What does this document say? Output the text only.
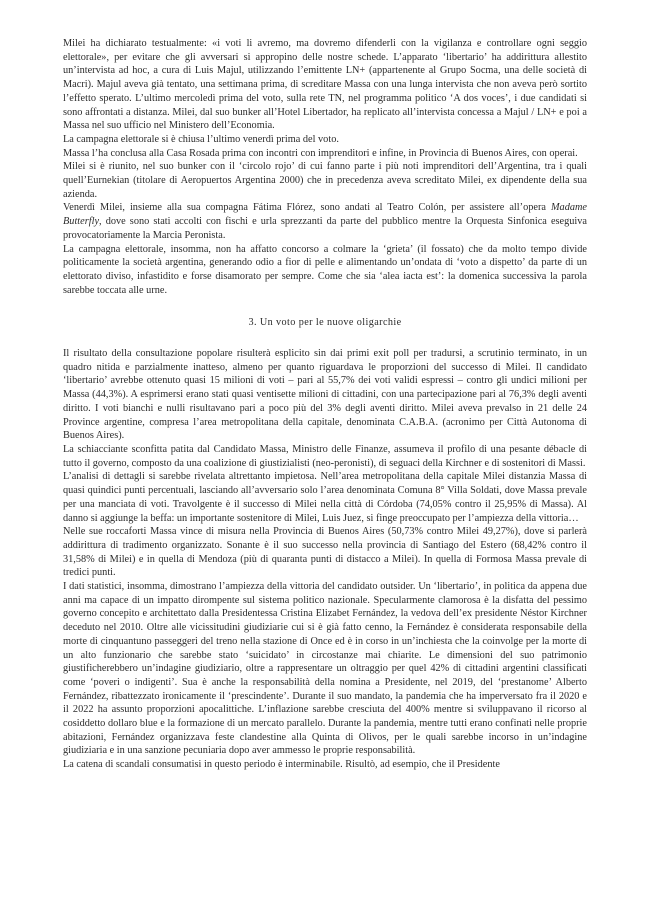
Milei ha dichiarato testualmente: «i voti li avremo, ma dovremo difenderli con la vigilanza e controllare ogni seggio elettorale», per evitare che gli avversari si appropino delle nostre schede. L’apparato ‘libertario’ ha addirittura allestito un’intervista ad hoc, a cura di Luis Majul, utilizzando l’emittente LN+ (appartenente al Grupo Socma, una delle società di Macri). Majul aveva già tentato, una settimana prima, di screditare Massa con una lunga intervista che non aveva però sortito l’effetto sperato. L’ultimo mercoledì prima del voto, sulla rete TN, nel programma politico ‘A dos voces’, i due candidati si sono affrontati a distanza. Milei, dal suo bunker all’Hotel Libertador, ha replicato all’intervista concessa a Majul / LN+ e poi a Massa nel suo ufficio nel Ministero dell’Economia.

La campagna elettorale si è chiusa l’ultimo venerdì prima del voto.

Massa l’ha conclusa alla Casa Rosada prima con incontri con imprenditori e infine, in Provincia di Buenos Aires, con operai.

Milei si è riunito, nel suo bunker con il ‘circolo rojo’ di cui fanno parte i più noti imprenditori dell’Argentina, tra i quali quell’Eurnekian (titolare di Aeropuertos Argentina 2000) che in precedenza aveva screditato Milei, ex dipendente della sua azienda.

Venerdì Milei, insieme alla sua compagna Fátima Flórez, sono andati al Teatro Colón, per assistere all’opera Madame Butterfly, dove sono stati accolti con fischi e urla sprezzanti da parte del pubblico mentre la Orquesta Sinfonica eseguiva provocatoriamente la Marcia Peronista.

La campagna elettorale, insomma, non ha affatto concorso a colmare la ‘grieta’ (il fossato) che da molto tempo divide politicamente la società argentina, generando odio a fior di pelle e alimentando un’ondata di ‘voto a dispetto’ da parte di un elettorato diviso, infastidito e forse disamorato per sempre. Come che sia ‘alea iacta est’: la domenica successiva la parola sarebbe toccata alle urne.

3. Un voto per le nuove oligarchie

Il risultato della consultazione popolare risulterà esplicito sin dai primi exit poll per tradursi, a scrutinio terminato, in un quadro nitida e parzialmente inatteso, almeno per quanto riguardava le proporzioni del successo di Milei. Il candidato ‘libertario’ avrebbe ottenuto quasi 15 milioni di voti – pari al 55,7% dei voti validi espressi – contro gli undici milioni per Massa (44,3%). A esprimersi erano stati quasi ventisette milioni di cittadini, con una partecipazione pari al 76,3% degli aventi diritto. I voti bianchi e nulli risultavano pari a poco più del 3% degli aventi diritto. Milei aveva prevalso in 21 delle 24 Province argentine, compresa l’area metropolitana della capitale, denominata C.A.B.A. (acronimo per Città Autonoma di Buenos Aires).

La schiacciante sconfitta patita dal Candidato Massa, Ministro delle Finanze, assumeva il profilo di una pesante débacle di tutto il governo, composto da una coalizione di giustizialisti (neo-peronisti), di seguaci della Kirchner e di sostenitori di Massi.

L’analisi di dettagli si sarebbe rivelata altrettanto impietosa. Nell’area metropolitana della capitale Milei distanzia Massa di quasi quindici punti percentuali, lasciando all’avversario solo l’area denominata Comuna 8° Villa Soldati, dove Massa prevale per una manciata di voti. Travolgente è il successo di Milei nella città di Córdoba (74,05% contro il 25,95% di Massa). Al danno si aggiunge la beffa: un importante sostenitore di Milei, Luis Juez, si finge preoccupato per l’ampiezza della vittoria…

Nelle sue roccaforti Massa vince di misura nella Provincia di Buenos Aires (50,73% contro Milei 49,27%), dove si parlerà addirittura di tradimento organizzato. Sonante è il suo successo nella provincia di Santiago del Estero (68,42% contro il 31,58% di Milei) e in quella di Mendoza (più di quaranta punti di distacco a Milei). In quella di Formosa Massa prevale di tredici punti.

I dati statistici, insomma, dimostrano l’ampiezza della vittoria del candidato outsider. Un ‘libertario’, in politica da appena due anni ma capace di un impatto dirompente sul sistema politico nazionale. Specularmente clamorosa è la disfatta del pessimo governo concepito e architettato dalla Presidentessa Cristina Elizabet Fernández, la vedova dell’ex presidente Néstor Kirchner deceduto nel 2010. Oltre alle vicissitudini giudiziarie cui si è già fatto cenno, la Fernández è considerata responsabile della morte di cinquantuno passeggeri del treno nella stazione di Once ed è in corso in un’inchiesta che la coinvolge per la morte di un alto funzionario che sarebbe stato ‘suicidato’ in circostanze mai chiarite. Le dimensioni del suo patrimonio giustificherebbero un’indagine giudiziario, oltre a rappresentare un oltraggio per quel 42% di cittadini argentini classificati come ‘poveri o indigenti’. Sua è anche la responsabilità della nomina a Presidente, nel 2019, del ‘prestanome’ Alberto Fernández, ribattezzato ironicamente il ‘prescindente’. Durante il suo mandato, la pandemia che ha imperversato fra il 2020 e il 2022 ha assunto proporzioni apocalittiche. L’inflazione sarebbe cresciuta del 400% mentre si sviluppavano il ricorso al cosiddetto dollaro blue e la formazione di un mercato parallelo. Durante la pandemia, mentre tutti erano confinati nelle proprie abitazioni, Fernández organizzava feste clandestine alla Quinta di Olivos, per le quali sarebbe incorso in un’indagine giudiziaria e in una sanzione pecuniaria dopo aver ammesso le proprie responsabilità.

La catena di scandali consumatisi in questo periodo è interminabile. Risultò, ad esempio, che il Presidente
